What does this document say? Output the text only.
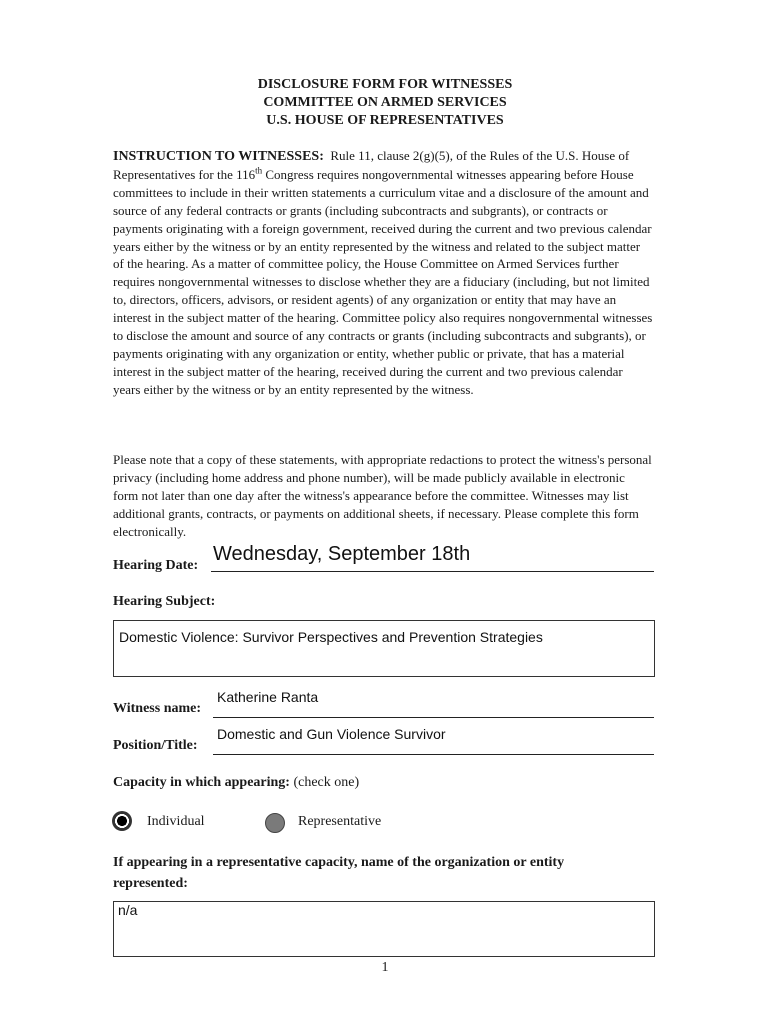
DISCLOSURE FORM FOR WITNESSES
COMMITTEE ON ARMED SERVICES
U.S. HOUSE OF REPRESENTATIVES
INSTRUCTION TO WITNESSES: Rule 11, clause 2(g)(5), of the Rules of the U.S. House of Representatives for the 116th Congress requires nongovernmental witnesses appearing before House committees to include in their written statements a curriculum vitae and a disclosure of the amount and source of any federal contracts or grants (including subcontracts and subgrants), or contracts or payments originating with a foreign government, received during the current and two previous calendar years either by the witness or by an entity represented by the witness and related to the subject matter of the hearing. As a matter of committee policy, the House Committee on Armed Services further requires nongovernmental witnesses to disclose whether they are a fiduciary (including, but not limited to, directors, officers, advisors, or resident agents) of any organization or entity that may have an interest in the subject matter of the hearing. Committee policy also requires nongovernmental witnesses to disclose the amount and source of any contracts or grants (including subcontracts and subgrants), or payments originating with any organization or entity, whether public or private, that has a material interest in the subject matter of the hearing, received during the current and two previous calendar years either by the witness or by an entity represented by the witness.
Please note that a copy of these statements, with appropriate redactions to protect the witness's personal privacy (including home address and phone number), will be made publicly available in electronic form not later than one day after the witness's appearance before the committee. Witnesses may list additional grants, contracts, or payments on additional sheets, if necessary. Please complete this form electronically.
Hearing Date:
Wednesday, September 18th
Hearing Subject:
Domestic Violence: Survivor Perspectives and Prevention Strategies
Witness name:
Katherine Ranta
Position/Title:
Domestic and Gun Violence Survivor
Capacity in which appearing: (check one)
Individual	Representative
If appearing in a representative capacity, name of the organization or entity represented:
n/a
1
